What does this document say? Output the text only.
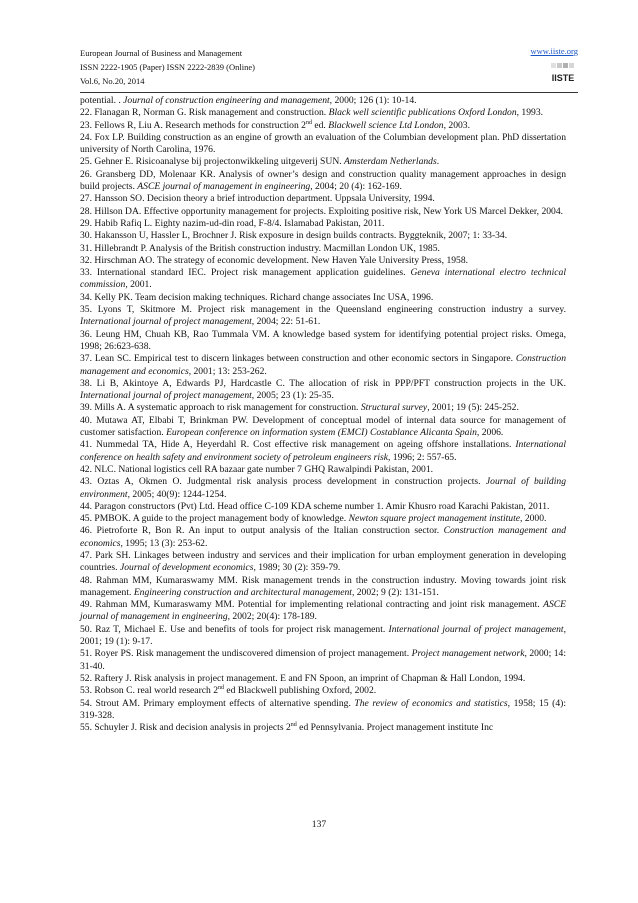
European Journal of Business and Management
ISSN 2222-1905 (Paper) ISSN 2222-2839 (Online)
Vol.6, No.20, 2014
www.iiste.org
IISTE

potential. . Journal of construction engineering and management, 2000; 126 (1): 10-14.

22. Flanagan R, Norman G. Risk management and construction. Black well scientific publications Oxford London, 1993.

23. Fellows R, Liu A. Research methods for construction 2nd ed. Blackwell science Ltd London, 2003.

24. Fox LP. Building construction as an engine of growth an evaluation of the Columbian development plan. PhD dissertation university of North Carolina, 1976.

25. Gehner E. Risicoanalyse bij projectonwikkeling uitgeverij SUN. Amsterdam Netherlands.

26. Gransberg DD, Molenaar KR. Analysis of owner’s design and construction quality management approaches in design build projects. ASCE journal of management in engineering, 2004; 20 (4): 162-169.

27. Hansson SO. Decision theory a brief introduction department. Uppsala University, 1994.

28. Hillson DA. Effective opportunity management for projects. Exploiting positive risk, New York US Marcel Dekker, 2004.

29. Habib Rafiq L. Eighty nazim-ud-din road, F-8/4. Islamabad Pakistan, 2011.

30. Hakansson U, Hassler L, Brochner J. Risk exposure in design builds contracts. Byggteknik, 2007; 1: 33-34.

31. Hillebrandt P. Analysis of the British construction industry. Macmillan London UK, 1985.

32. Hirschman AO. The strategy of economic development. New Haven Yale University Press, 1958.

33. International standard IEC. Project risk management application guidelines. Geneva international electro technical commission, 2001.

34. Kelly PK. Team decision making techniques. Richard change associates Inc USA, 1996.

35. Lyons T, Skitmore M. Project risk management in the Queensland engineering construction industry a survey. International journal of project management, 2004; 22: 51-61.

36. Leung HM, Chuah KB, Rao Tummala VM. A knowledge based system for identifying potential project risks. Omega, 1998; 26:623-638.

37. Lean SC. Empirical test to discern linkages between construction and other economic sectors in Singapore. Construction management and economics, 2001; 13: 253-262.

38. Li B, Akintoye A, Edwards PJ, Hardcastle C. The allocation of risk in PPP/PFT construction projects in the UK. International journal of project management, 2005; 23 (1): 25-35.

39. Mills A. A systematic approach to risk management for construction. Structural survey, 2001; 19 (5): 245-252.

40. Mutawa AT, Elbabi T, Brinkman PW. Development of conceptual model of internal data source for management of customer satisfaction. European conference on information system (EMCI) Costablance Alicanta Spain, 2006.

41. Nummedal TA, Hide A, Heyerdahl R. Cost effective risk management on ageing offshore installations. International conference on health safety and environment society of petroleum engineers risk, 1996; 2: 557-65.

42. NLC. National logistics cell RA bazaar gate number 7 GHQ Rawalpindi Pakistan, 2001.

43. Oztas A, Okmen O. Judgmental risk analysis process development in construction projects. Journal of building environment, 2005; 40(9): 1244-1254.

44. Paragon constructors (Pvt) Ltd. Head office C-109 KDA scheme number 1. Amir Khusro road Karachi Pakistan, 2011.

45. PMBOK. A guide to the project management body of knowledge. Newton square project management institute, 2000.

46. Pietroforte R, Bon R. An input to output analysis of the Italian construction sector. Construction management and economics, 1995; 13 (3): 253-62.

47. Park SH. Linkages between industry and services and their implication for urban employment generation in developing countries. Journal of development economics, 1989; 30 (2): 359-79.

48. Rahman MM, Kumaraswamy MM. Risk management trends in the construction industry. Moving towards joint risk management. Engineering construction and architectural management, 2002; 9 (2): 131-151.

49. Rahman MM, Kumaraswamy MM. Potential for implementing relational contracting and joint risk management. ASCE journal of management in engineering, 2002; 20(4): 178-189.

50. Raz T, Michael E. Use and benefits of tools for project risk management. International journal of project management, 2001; 19 (1): 9-17.

51. Royer PS. Risk management the undiscovered dimension of project management. Project management network, 2000; 14: 31-40.

52. Raftery J. Risk analysis in project management. E and FN Spoon, an imprint of Chapman & Hall London, 1994.

53. Robson C. real world research 2nd ed Blackwell publishing Oxford, 2002.

54. Strout AM. Primary employment effects of alternative spending. The review of economics and statistics, 1958; 15 (4): 319-328.

55. Schuyler J. Risk and decision analysis in projects 2nd ed Pennsylvania. Project management institute Inc

137
